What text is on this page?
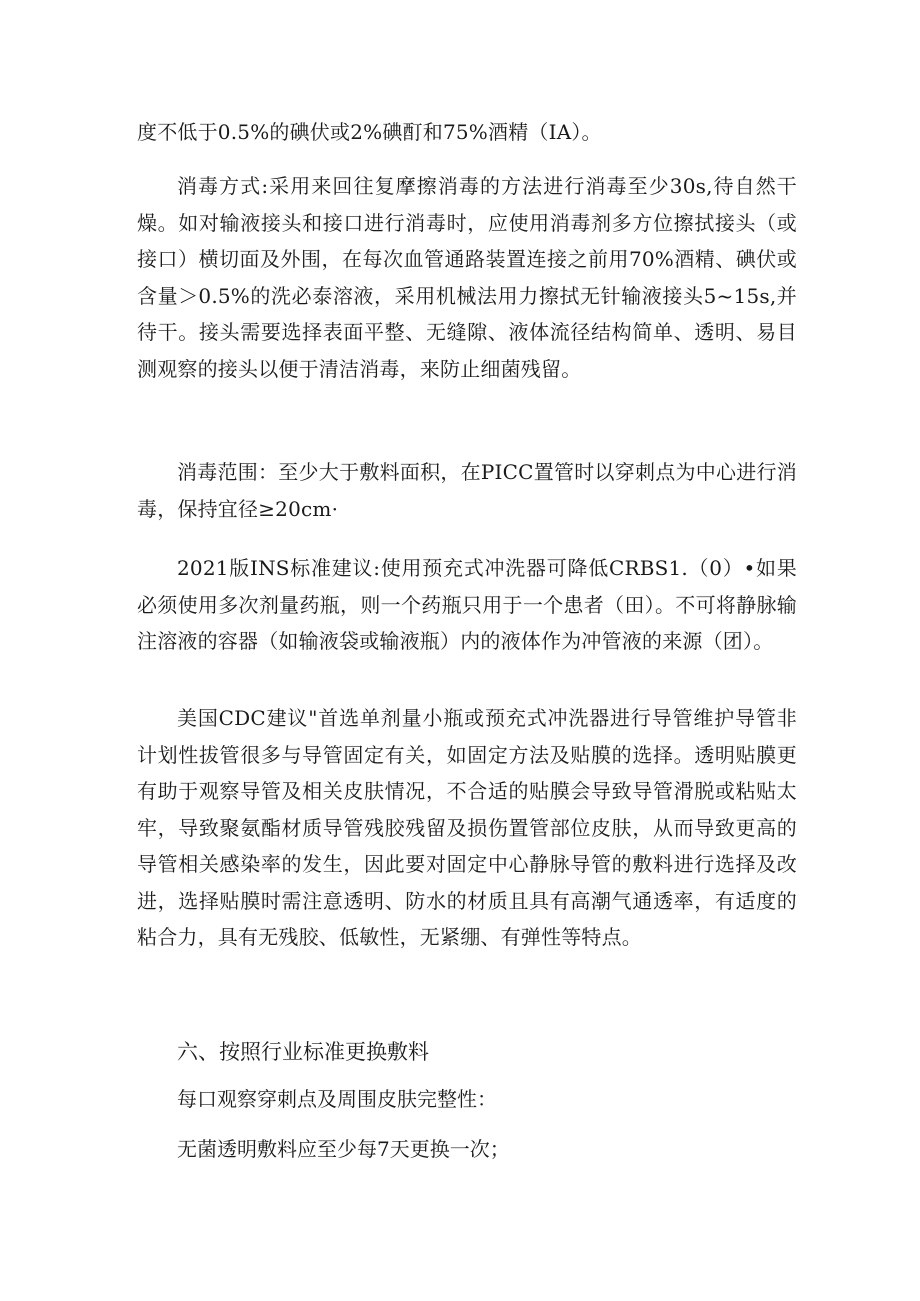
度不低于0.5%的碘伏或2%碘酊和75%酒精（IA）。

消毒方式:采用来回往复摩擦消毒的方法进行消毒至少30s,待自然干燥。如对输液接头和接口进行消毒时，应使用消毒剂多方位擦拭接头（或接口）横切面及外围，在每次血管通路装置连接之前用70%酒精、碘伏或含量＞0.5%的洗必泰溶液，采用机械法用力擦拭无针输液接头5~15s,并待干。接头需要选择表面平整、无缝隙、液体流径结构简单、透明、易目测观察的接头以便于清洁消毒，来防止细菌残留。

消毒范围：至少大于敷料面积，在PICC置管时以穿刺点为中心进行消毒，保持宜径≥20cm·

2021版INS标准建议:使用预充式冲洗器可降低CRBS1.（0）•如果必须使用多次剂量药瓶，则一个药瓶只用于一个患者（田）。不可将静脉输注溶液的容器（如输液袋或输液瓶）内的液体作为冲管液的来源（团）。

美国CDC建议"首选单剂量小瓶或预充式冲洗器进行导管维护导管非计划性拔管很多与导管固定有关，如固定方法及贴膜的选择。透明贴膜更有助于观察导管及相关皮肤情况，不合适的贴膜会导致导管滑脱或粘贴太牢，导致聚氨酯材质导管残胶残留及损伤置管部位皮肤，从而导致更高的导管相关感染率的发生，因此要对固定中心静脉导管的敷料进行选择及改进，选择贴膜时需注意透明、防水的材质且具有高潮气通透率，有适度的粘合力，具有无残胶、低敏性，无紧绷、有弹性等特点。

六、按照行业标准更换敷料

每口观察穿刺点及周围皮肤完整性：

无菌透明敷料应至少每7天更换一次；
